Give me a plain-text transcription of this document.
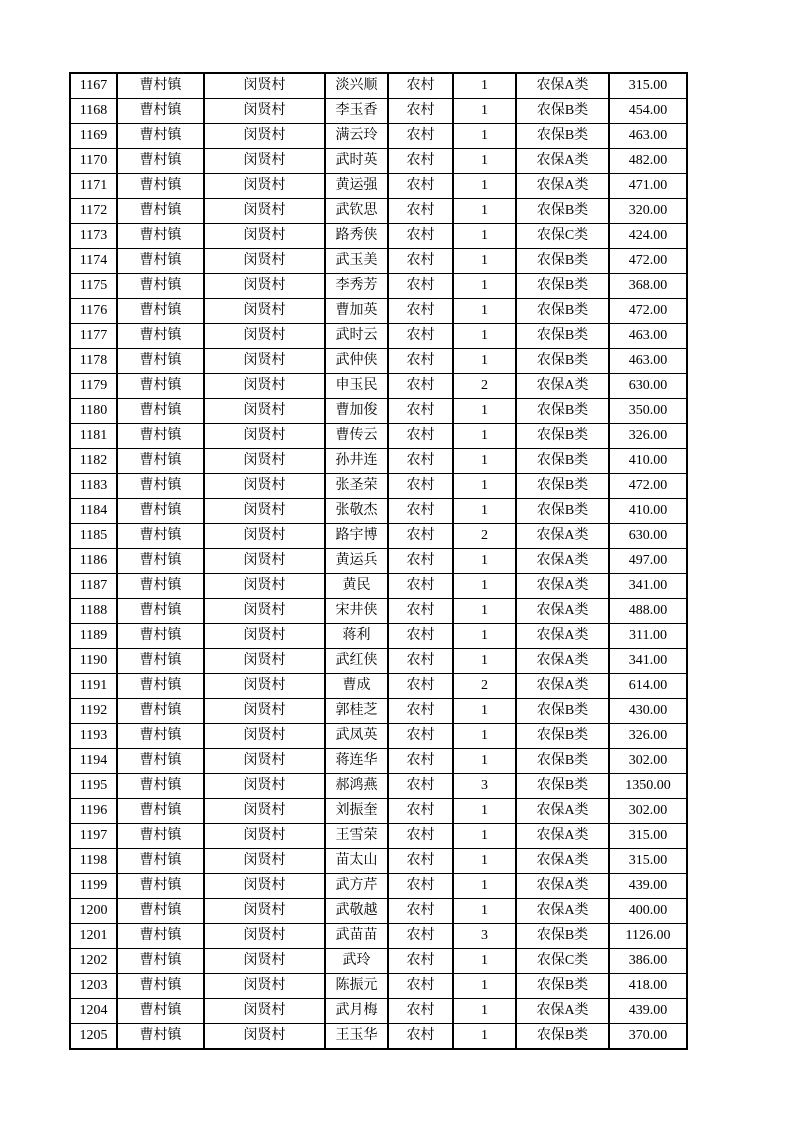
1167	曹村镇	闵贤村	淡兴顺	农村	1	农保A类	315.00
1168	曹村镇	闵贤村	李玉香	农村	1	农保B类	454.00
1169	曹村镇	闵贤村	满云玲	农村	1	农保B类	463.00
1170	曹村镇	闵贤村	武时英	农村	1	农保A类	482.00
1171	曹村镇	闵贤村	黄运强	农村	1	农保A类	471.00
1172	曹村镇	闵贤村	武钦思	农村	1	农保B类	320.00
1173	曹村镇	闵贤村	路秀侠	农村	1	农保C类	424.00
1174	曹村镇	闵贤村	武玉美	农村	1	农保B类	472.00
1175	曹村镇	闵贤村	李秀芳	农村	1	农保B类	368.00
1176	曹村镇	闵贤村	曹加英	农村	1	农保B类	472.00
1177	曹村镇	闵贤村	武时云	农村	1	农保B类	463.00
1178	曹村镇	闵贤村	武仲侠	农村	1	农保B类	463.00
1179	曹村镇	闵贤村	申玉民	农村	2	农保A类	630.00
1180	曹村镇	闵贤村	曹加俊	农村	1	农保B类	350.00
1181	曹村镇	闵贤村	曹传云	农村	1	农保B类	326.00
1182	曹村镇	闵贤村	孙井连	农村	1	农保B类	410.00
1183	曹村镇	闵贤村	张圣荣	农村	1	农保B类	472.00
1184	曹村镇	闵贤村	张敬杰	农村	1	农保B类	410.00
1185	曹村镇	闵贤村	路宇博	农村	2	农保A类	630.00
1186	曹村镇	闵贤村	黄运兵	农村	1	农保A类	497.00
1187	曹村镇	闵贤村	黄民	农村	1	农保A类	341.00
1188	曹村镇	闵贤村	宋井侠	农村	1	农保A类	488.00
1189	曹村镇	闵贤村	蒋利	农村	1	农保A类	311.00
1190	曹村镇	闵贤村	武红侠	农村	1	农保A类	341.00
1191	曹村镇	闵贤村	曹成	农村	2	农保A类	614.00
1192	曹村镇	闵贤村	郭桂芝	农村	1	农保B类	430.00
1193	曹村镇	闵贤村	武凤英	农村	1	农保B类	326.00
1194	曹村镇	闵贤村	蒋连华	农村	1	农保B类	302.00
1195	曹村镇	闵贤村	郝鸿燕	农村	3	农保B类	1350.00
1196	曹村镇	闵贤村	刘振奎	农村	1	农保A类	302.00
1197	曹村镇	闵贤村	王雪荣	农村	1	农保A类	315.00
1198	曹村镇	闵贤村	苗太山	农村	1	农保A类	315.00
1199	曹村镇	闵贤村	武方芹	农村	1	农保A类	439.00
1200	曹村镇	闵贤村	武敬越	农村	1	农保A类	400.00
1201	曹村镇	闵贤村	武苗苗	农村	3	农保B类	1126.00
1202	曹村镇	闵贤村	武玲	农村	1	农保C类	386.00
1203	曹村镇	闵贤村	陈振元	农村	1	农保B类	418.00
1204	曹村镇	闵贤村	武月梅	农村	1	农保A类	439.00
1205	曹村镇	闵贤村	王玉华	农村	1	农保B类	370.00
